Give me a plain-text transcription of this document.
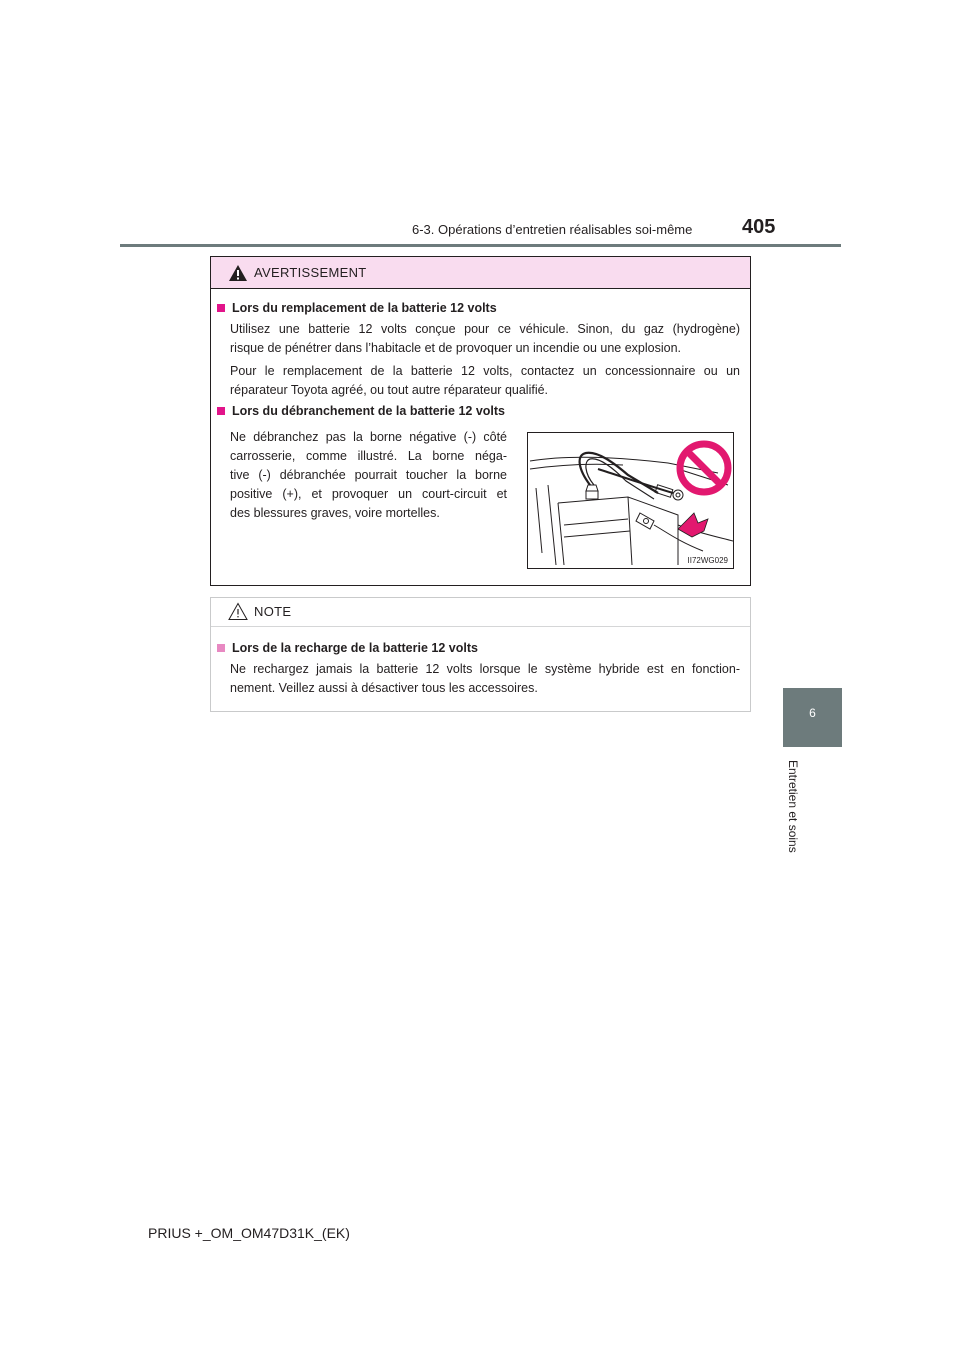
6-3. Opérations d’entretien réalisables soi-même 405
6
Entretien et soins
AVERTISSEMENT
Lors du remplacement de la batterie 12 volts
Utilisez une batterie 12 volts conçue pour ce véhicule. Sinon, du gaz (hydrogène)
risque de pénétrer dans l’habitacle et de provoquer un incendie ou une explosion.
Pour le remplacement de la batterie 12 volts, contactez un concessionnaire ou un
réparateur Toyota agréé, ou tout autre réparateur qualifié.
Lors du débranchement de la batterie 12 volts
Ne débranchez pas la borne négative (-) côté
carrosserie, comme illustré. La borne néga-
tive (-) débranchée pourrait toucher la borne
positive (+), et provoquer un court-circuit et
des blessures graves, voire mortelles.
II72WG029
NOTE
Lors de la recharge de la batterie 12 volts
Ne rechargez jamais la batterie 12 volts lorsque le système hybride est en fonction-
nement. Veillez aussi à désactiver tous les accessoires.
PRIUS +_OM_OM47D31K_(EK)
